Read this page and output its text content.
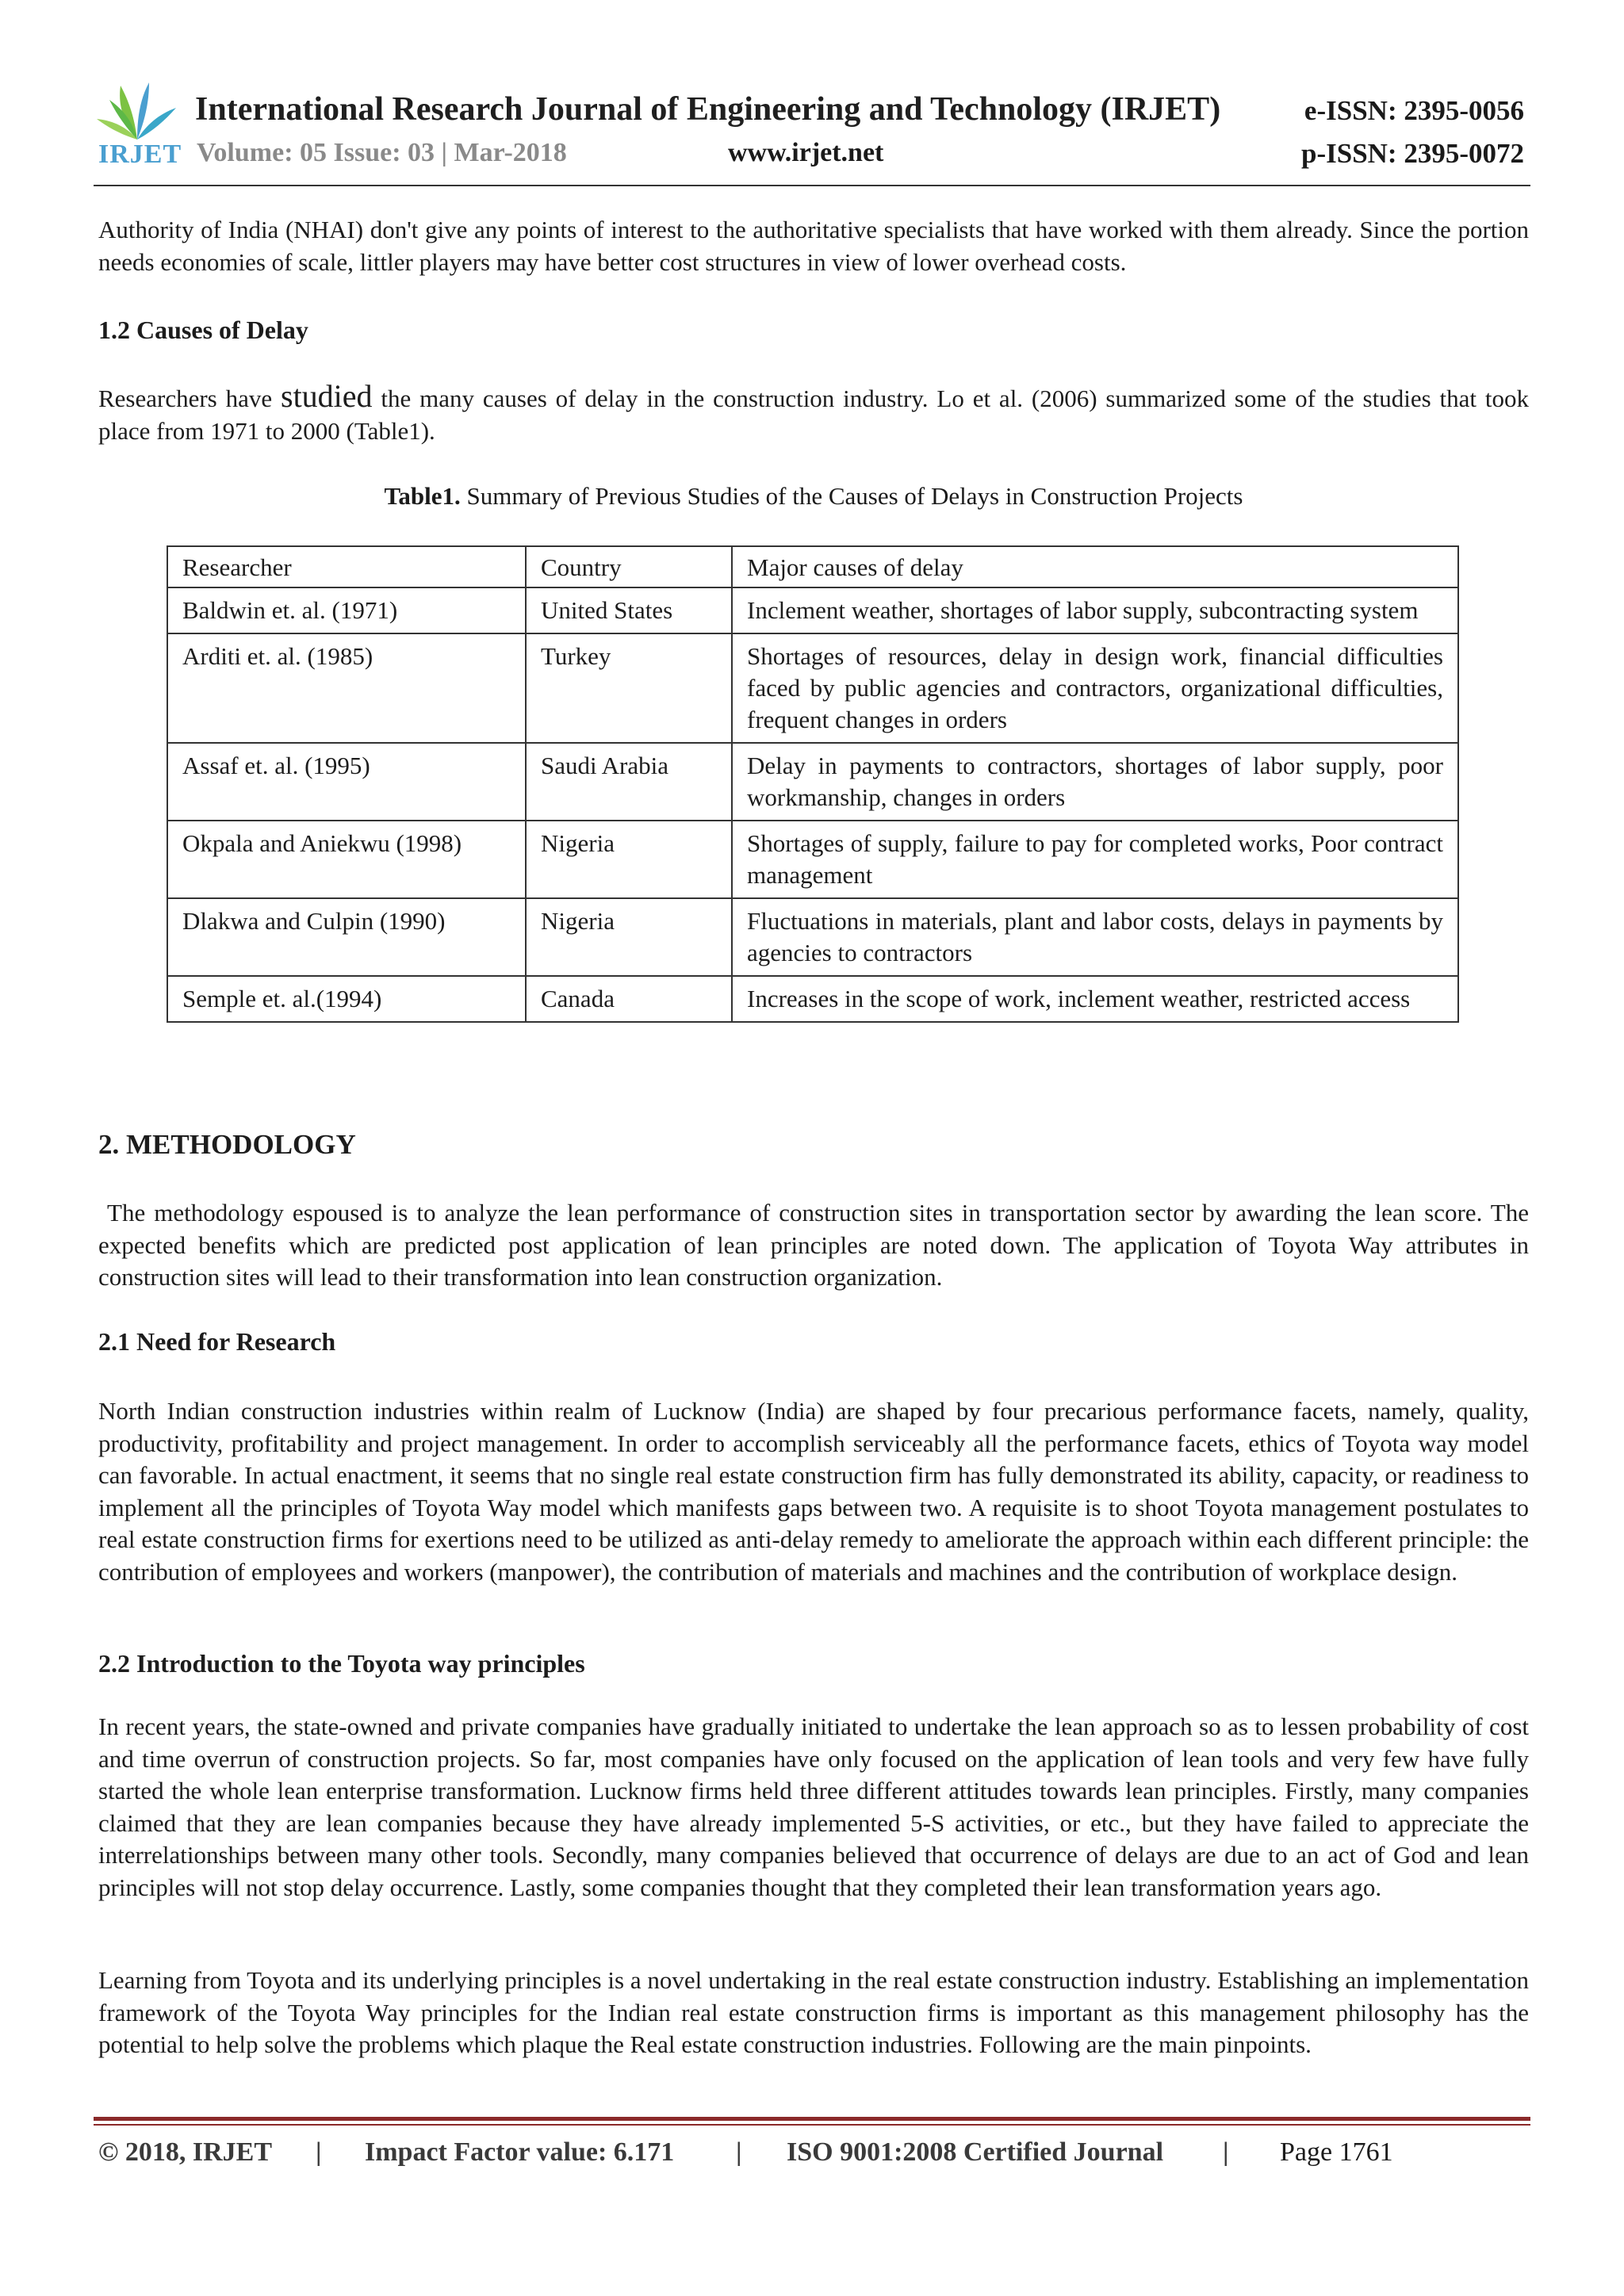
IRJET
International Research Journal of Engineering and Technology (IRJET)	e-ISSN: 2395-0056
Volume: 05 Issue: 03 | Mar-2018	www.irjet.net	p-ISSN: 2395-0072
Authority of India (NHAI) don't give any points of interest to the authoritative specialists that have worked with them already. Since the portion needs economies of scale, littler players may have better cost structures in view of lower overhead costs.
1.2 Causes of Delay
Researchers have studied the many causes of delay in the construction industry. Lo et al. (2006) summarized some of the studies that took place from 1971 to 2000 (Table1).
Table1. Summary of Previous Studies of the Causes of Delays in Construction Projects
Researcher	Country	Major causes of delay
Baldwin et. al. (1971)	United States	Inclement weather, shortages of labor supply, subcontracting system
Arditi et. al. (1985)	Turkey	Shortages of resources, delay in design work, financial difficulties faced by public agencies and contractors, organizational difficulties, frequent changes in orders
Assaf et. al. (1995)	Saudi Arabia	Delay in payments to contractors, shortages of labor supply, poor workmanship, changes in orders
Okpala and Aniekwu (1998)	Nigeria	Shortages of supply, failure to pay for completed works, Poor contract management
Dlakwa and Culpin (1990)	Nigeria	Fluctuations in materials, plant and labor costs, delays in payments by agencies to contractors
Semple et. al.(1994)	Canada	Increases in the scope of work, inclement weather, restricted access
2. METHODOLOGY
The methodology espoused is to analyze the lean performance of construction sites in transportation sector by awarding the lean score. The expected benefits which are predicted post application of lean principles are noted down. The application of Toyota Way attributes in construction sites will lead to their transformation into lean construction organization.
2.1 Need for Research
North Indian construction industries within realm of Lucknow (India) are shaped by four precarious performance facets, namely, quality, productivity, profitability and project management. In order to accomplish serviceably all the performance facets, ethics of Toyota way model can favorable. In actual enactment, it seems that no single real estate construction firm has fully demonstrated its ability, capacity, or readiness to implement all the principles of Toyota Way model which manifests gaps between two. A requisite is to shoot Toyota management postulates to real estate construction firms for exertions need to be utilized as anti-delay remedy to ameliorate the approach within each different principle: the contribution of employees and workers (manpower), the contribution of materials and machines and the contribution of workplace design.
2.2 Introduction to the Toyota way principles
In recent years, the state-owned and private companies have gradually initiated to undertake the lean approach so as to lessen probability of cost and time overrun of construction projects. So far, most companies have only focused on the application of lean tools and very few have fully started the whole lean enterprise transformation. Lucknow firms held three different attitudes towards lean principles. Firstly, many companies claimed that they are lean companies because they have already implemented 5-S activities, or etc., but they have failed to appreciate the interrelationships between many other tools. Secondly, many companies believed that occurrence of delays are due to an act of God and lean principles will not stop delay occurrence. Lastly, some companies thought that they completed their lean transformation years ago.
Learning from Toyota and its underlying principles is a novel undertaking in the real estate construction industry. Establishing an implementation framework of the Toyota Way principles for the Indian real estate construction firms is important as this management philosophy has the potential to help solve the problems which plaque the Real estate construction industries. Following are the main pinpoints.
© 2018, IRJET | Impact Factor value: 6.171 | ISO 9001:2008 Certified Journal | Page 1761
